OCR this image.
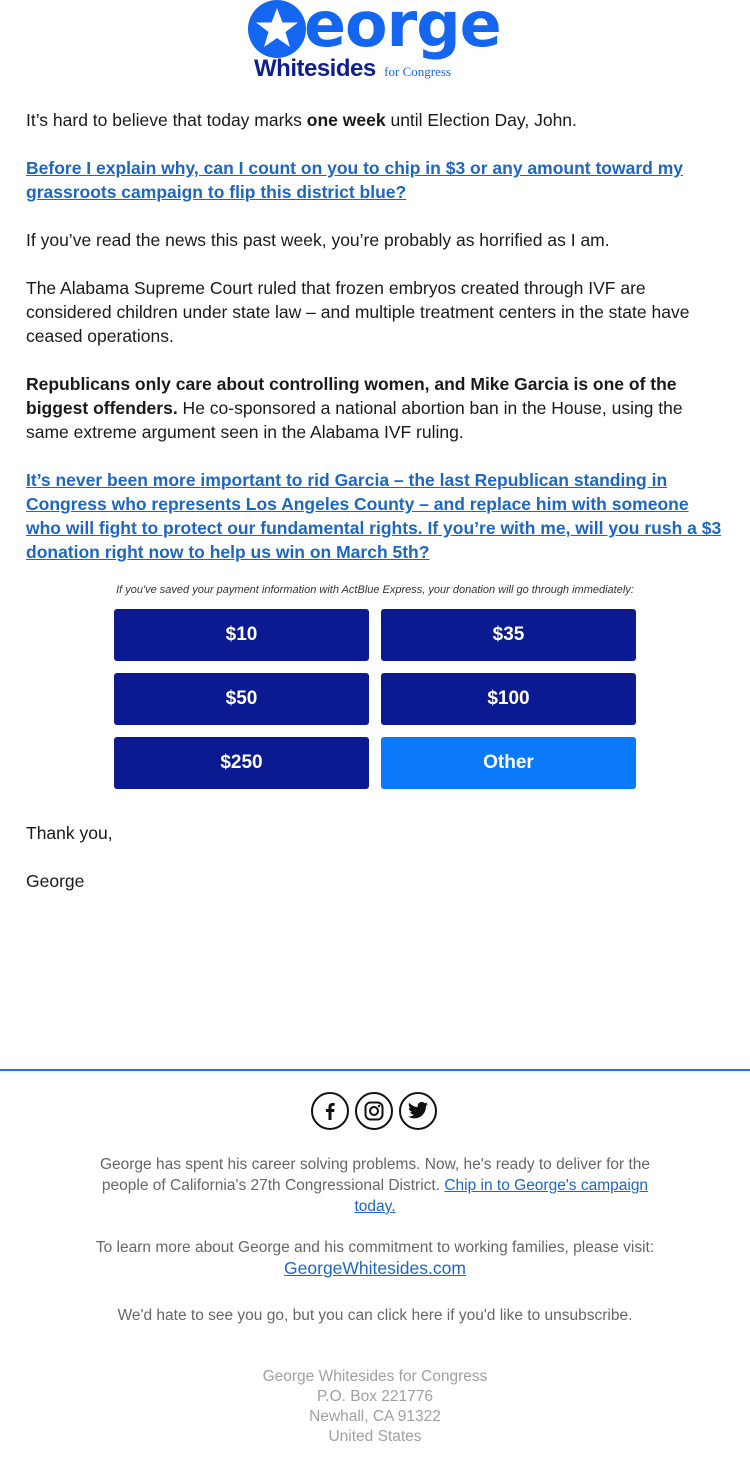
eorge
Whitesides for Congress

It’s hard to believe that today marks one week until Election Day, John.

Before I explain why, can I count on you to chip in $3 or any amount toward my grassroots campaign to flip this district blue?

If you’ve read the news this past week, you’re probably as horrified as I am.

The Alabama Supreme Court ruled that frozen embryos created through IVF are considered children under state law – and multiple treatment centers in the state have ceased operations.

Republicans only care about controlling women, and Mike Garcia is one of the biggest offenders. He co-sponsored a national abortion ban in the House, using the same extreme argument seen in the Alabama IVF ruling.

It’s never been more important to rid Garcia – the last Republican standing in Congress who represents Los Angeles County – and replace him with someone who will fight to protect our fundamental rights. If you’re with me, will you rush a $3 donation right now to help us win on March 5th?

If you've saved your payment information with ActBlue Express, your donation will go through immediately:
$10	$35
$50	$100
$250	Other
Thank you,
George
George has spent his career solving problems. Now, he's ready to deliver for the people of California's 27th Congressional District. Chip in to George's campaign today.
To learn more about George and his commitment to working families, please visit:
GeorgeWhitesides.com
We'd hate to see you go, but you can click here if you'd like to unsubscribe.
George Whitesides for Congress
P.O. Box 221776
Newhall, CA 91322
United States
